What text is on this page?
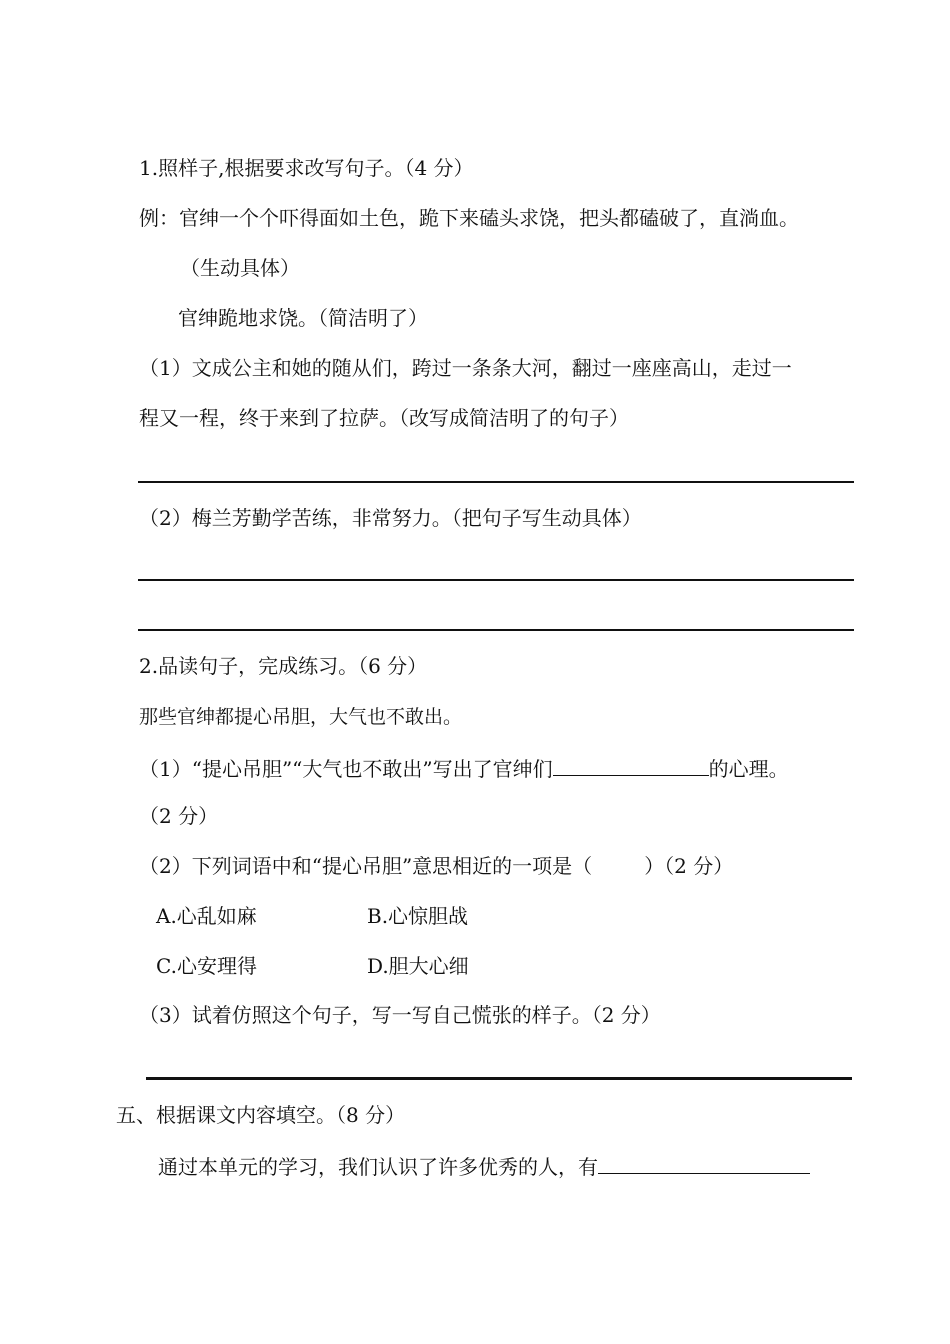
1.照样子,根据要求改写句子。（4 分）
例：官绅一个个吓得面如土色，跪下来磕头求饶，把头都磕破了，直淌血。
（生动具体）
官绅跪地求饶。（简洁明了）
（1）文成公主和她的随从们，跨过一条条大河，翻过一座座高山，走过一
程又一程，终于来到了拉萨。（改写成简洁明了的句子）
（2）梅兰芳勤学苦练，非常努力。（把句子写生动具体）
2.品读句子，完成练习。（6 分）
那些官绅都提心吊胆，大气也不敢出。
（1）“提心吊胆”“大气也不敢出”写出了官绅们	的心理。
（2 分）
（2）下列词语中和“提心吊胆”意思相近的一项是（	）（2 分）
A.心乱如麻	B.心惊胆战
C.心安理得	D.胆大心细
（3）试着仿照这个句子，写一写自己慌张的样子。（2 分）
五、根据课文内容填空。（8 分）
通过本单元的学习，我们认识了许多优秀的人，有
